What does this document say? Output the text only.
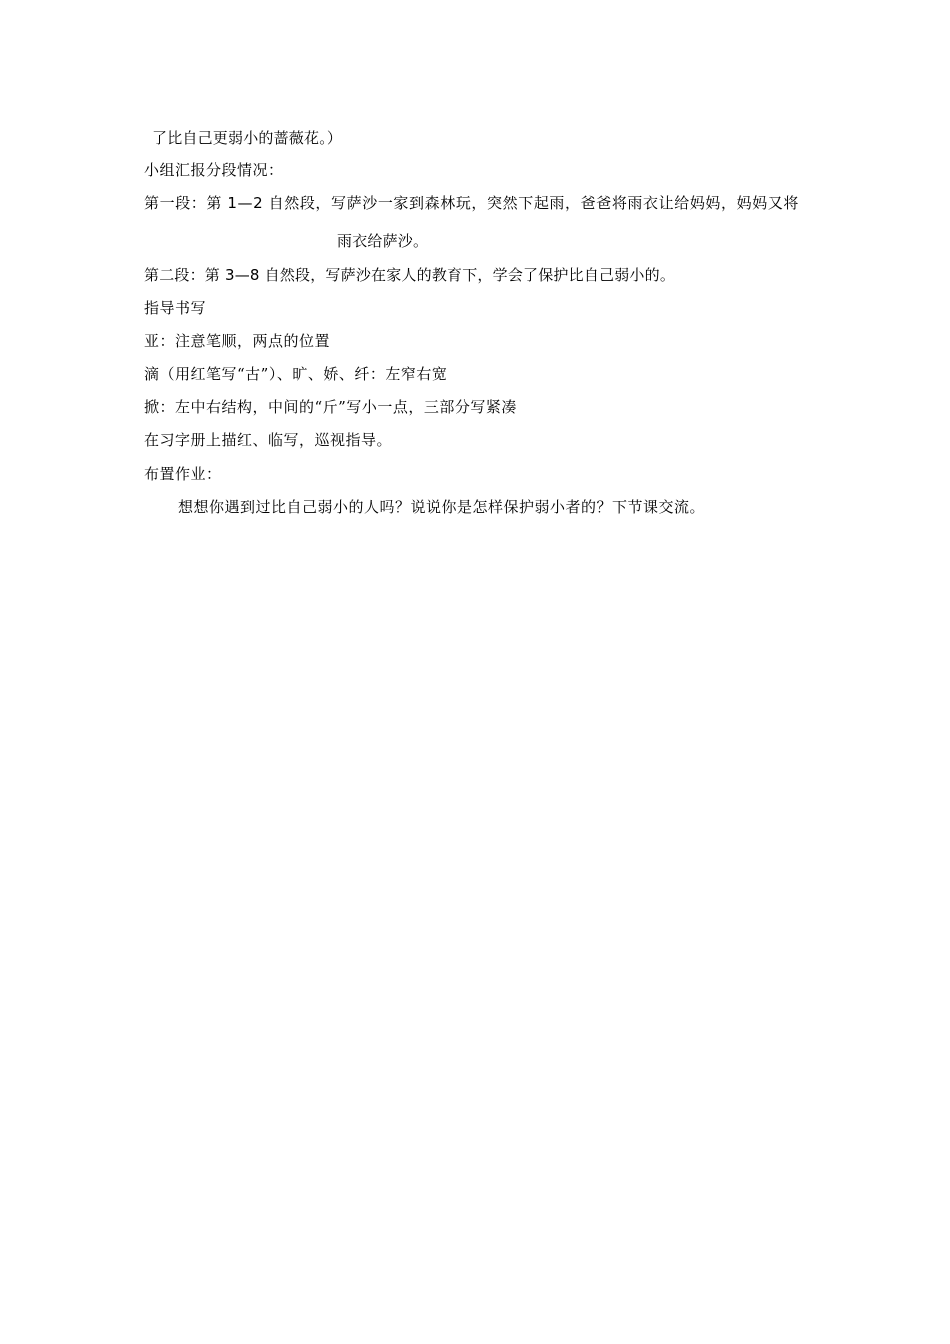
了比自己更弱小的蔷薇花。）
小组汇报分段情况：
第一段：第 1—2 自然段，写萨沙一家到森林玩，突然下起雨，爸爸将雨衣让给妈妈，妈妈又将
雨衣给萨沙。
第二段：第 3—8 自然段，写萨沙在家人的教育下，学会了保护比自己弱小的。
指导书写
亚：注意笔顺，两点的位置
滴（用红笔写“古”）、旷、娇、纤：左窄右宽
掀：左中右结构，中间的“斤”写小一点，三部分写紧凑
在习字册上描红、临写，巡视指导。
布置作业：
想想你遇到过比自己弱小的人吗？说说你是怎样保护弱小者的？下节课交流。
